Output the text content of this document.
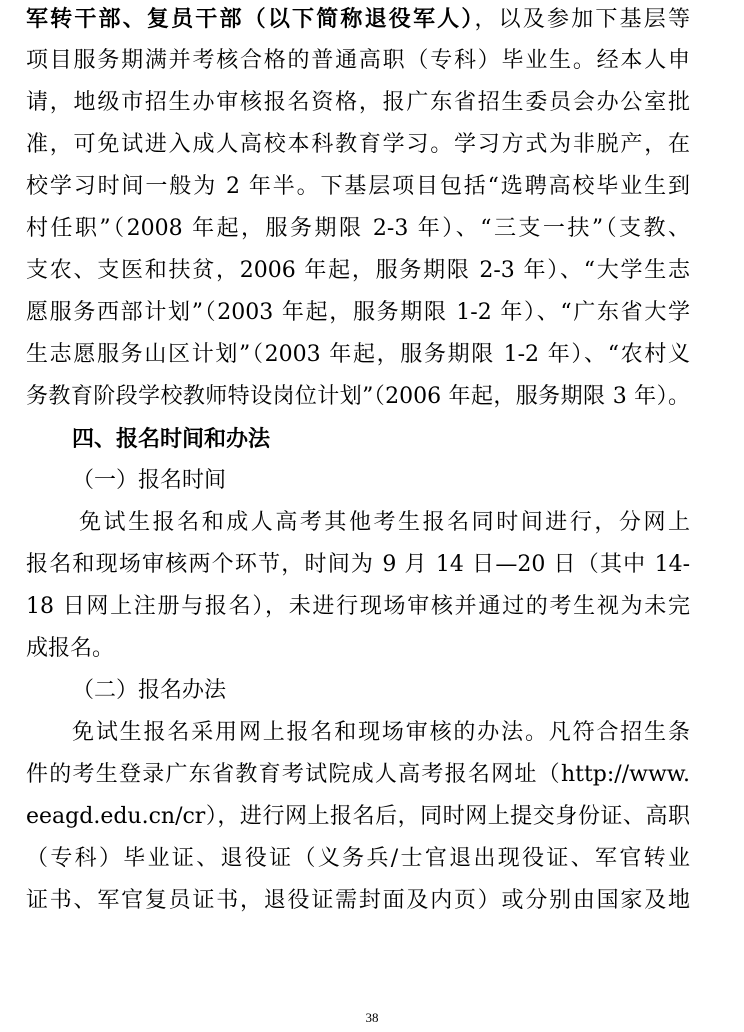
军转干部、复员干部（以下简称退役军人），以及参加下基层等
项目服务期满并考核合格的普通高职（专科）毕业生。经本人申
请，地级市招生办审核报名资格，报广东省招生委员会办公室批
准，可免试进入成人高校本科教育学习。学习方式为非脱产，在
校学习时间一般为 2 年半。下基层项目包括“选聘高校毕业生到
村任职”（2008 年起，服务期限 2-3 年）、“三支一扶”（支教、
支农、支医和扶贫，2006 年起，服务期限 2-3 年）、“大学生志
愿服务西部计划”（2003 年起，服务期限 1-2 年）、“广东省大学
生志愿服务山区计划”（2003 年起，服务期限 1-2 年）、“农村义
务教育阶段学校教师特设岗位计划”（2006 年起，服务期限 3 年）。
四、报名时间和办法
（一）报名时间
免试生报名和成人高考其他考生报名同时间进行，分网上
报名和现场审核两个环节，时间为 9 月 14 日—20 日（其中 14-
18 日网上注册与报名），未进行现场审核并通过的考生视为未完
成报名。
（二）报名办法
免试生报名采用网上报名和现场审核的办法。凡符合招生条
件的考生登录广东省教育考试院成人高考报名网址（http://www.
eeagd.edu.cn/cr），进行网上报名后，同时网上提交身份证、高职
（专科）毕业证、退役证（义务兵/士官退出现役证、军官转业
证书、军官复员证书，退役证需封面及内页）或分别由国家及地
38
